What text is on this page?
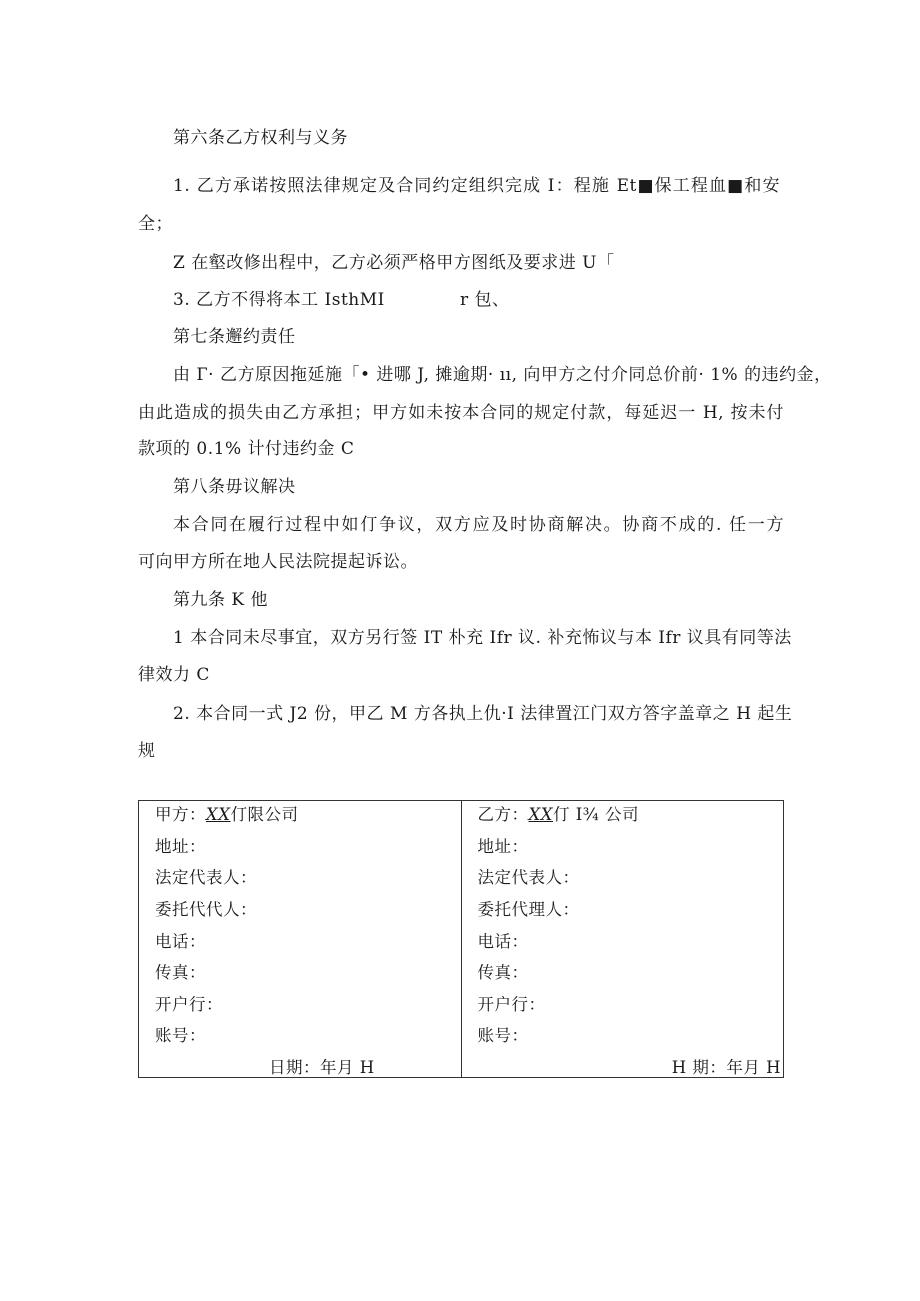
第六条乙方权利与义务
1. 乙方承诺按照法律规定及合同约定组织完成 I：程施 Et■保工程血■和安
全；
Z 在壑改修出程中，乙方必须严格甲方图纸及要求进 U「
3. 乙方不得将本工 IsthMI	r 包、
第七条邂约责任
由 Г· 乙方原因拖延施「• 进哪 J, 摊逾期· ıı, 向甲方之付介同总价前· 1% 的违约金，
由此造成的损失由乙方承担；甲方如未按本合同的规定付款，每延迟一 H, 按未付
款项的 0.1% 计付违约金 C
第八条毋议解决
本合同在履行过程中如仃争议，双方应及时协商解决。协商不成的. 任一方
可向甲方所在地人民法院提起诉讼。
第九条 K 他
1 本合同未尽事宜，双方另行签 IT 朴充 Ifr 议. 补充怖议与本 Ifr 议具有同等法
律效力 C
2. 本合同一式 J2 份，甲乙 M 方各执上仇·I 法律置江门双方答字盖章之 H 起生
规
甲方：XX仃限公司
地址：
法定代表人：
委托代代人：
电话：
传真：
开户行：
账号：
日期：年月 H

乙方：XX仃 I¾ 公司
地址：
法定代表人：
委托代理人：
电话：
传真：
开户行：
账号：
H 期：年月 H
